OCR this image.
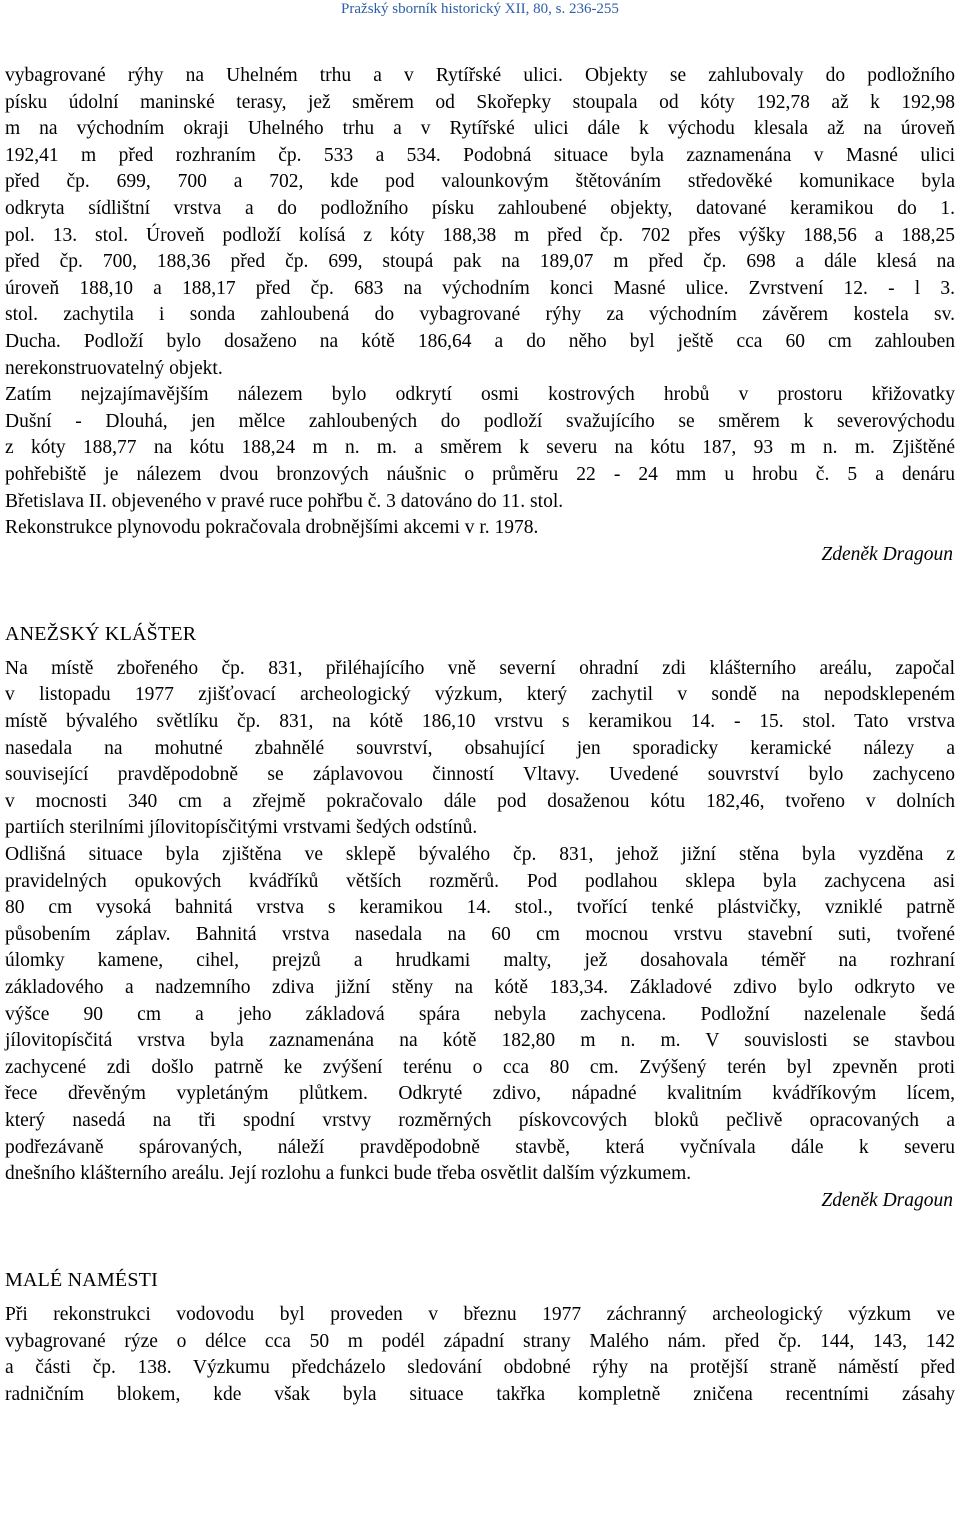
Pražský sborník historický XII, 80, s. 236-255
vybagrované rýhy na Uhelném trhu a v Rytířské ulici. Objekty se zahlubovaly do podložního
písku údolní maninské terasy, jež směrem od Skořepky stoupala od kóty 192,78 až k 192,98
m na východním okraji Uhelného trhu a v Rytířské ulici dále k východu klesala až na úroveň
192,41 m před rozhraním čp. 533 a 534. Podobná situace byla zaznamenána v Masné ulici
před čp. 699, 700 a 702, kde pod valounkovým štětováním středověké komunikace byla
odkryta sídlištní vrstva a do podložního písku zahloubené objekty, datované keramikou do 1.
pol. 13. stol. Úroveň podloží kolísá z kóty 188,38 m před čp. 702 přes výšky 188,56 a 188,25
před čp. 700, 188,36 před čp. 699, stoupá pak na 189,07 m před čp. 698 a dále klesá na
úroveň 188,10 a 188,17 před čp. 683 na východním konci Masné ulice. Zvrstvení 12. - l 3.
stol. zachytila i sonda zahloubená do vybagrované rýhy za východním závěrem kostela sv.
Ducha. Podloží bylo dosaženo na kótě 186,64 a do něho byl ještě cca 60 cm zahlouben
nerekonstruovatelný objekt.
Zatím nejzajímavějším nálezem bylo odkrytí osmi kostrových hrobů v prostoru křižovatky
Dušní - Dlouhá, jen mělce zahloubených do podloží svažujícího se směrem k severovýchodu
z kóty 188,77 na kótu 188,24 m n. m. a směrem k severu na kótu 187, 93 m n. m. Zjištěné
pohřebiště je nálezem dvou bronzových náušnic o průměru 22 - 24 mm u hrobu č. 5 a denáru
Břetislava II. objeveného v pravé ruce pohřbu č. 3 datováno do 11. stol.
Rekonstrukce plynovodu pokračovala drobnějšími akcemi v r. 1978.
Zdeněk Dragoun
ANEŽSKÝ KLÁŠTER
Na místě zbořeného čp. 831, přiléhajícího vně severní ohradní zdi klášterního areálu, započal
v listopadu 1977 zjišťovací archeologický výzkum, který zachytil v sondě na nepodsklepeném
místě bývalého světlíku čp. 831, na kótě 186,10 vrstvu s keramikou 14. - 15. stol. Tato vrstva
nasedala na mohutné zbahnělé souvrství, obsahující jen sporadicky keramické nálezy a
související pravděpodobně se záplavovou činností Vltavy. Uvedené souvrství bylo zachyceno
v mocnosti 340 cm a zřejmě pokračovalo dále pod dosaženou kótu 182,46, tvořeno v dolních
partiích sterilními jílovitopísčitými vrstvami šedých odstínů.
Odlišná situace byla zjištěna ve sklepě bývalého čp. 831, jehož jižní stěna byla vyzděna z
pravidelných opukových kvádříků větších rozměrů. Pod podlahou sklepa byla zachycena asi
80 cm vysoká bahnitá vrstva s keramikou 14. stol., tvořící tenké plástvičky, vzniklé patrně
působením záplav. Bahnitá vrstva nasedala na 60 cm mocnou vrstvu stavební suti, tvořené
úlomky kamene, cihel, prejzů a hrudkami malty, jež dosahovala téměř na rozhraní
základového a nadzemního zdiva jižní stěny na kótě 183,34. Základové zdivo bylo odkryto ve
výšce 90 cm a jeho základová spára nebyla zachycena. Podložní nazelenale šedá
jílovitopísčitá vrstva byla zaznamenána na kótě 182,80 m n. m. V souvislosti se stavbou
zachycené zdi došlo patrně ke zvýšení terénu o cca 80 cm. Zvýšený terén byl zpevněn proti
řece dřevěným vypletáným plůtkem. Odkryté zdivo, nápadné kvalitním kvádříkovým lícem,
který nasedá na tři spodní vrstvy rozměrných pískovcových bloků pečlivě opracovaných a
podřezávaně spárovaných, náleží pravděpodobně stavbě, která vyčnívala dále k severu
dnešního klášterního areálu. Její rozlohu a funkci bude třeba osvětlit dalším výzkumem.
Zdeněk Dragoun
MALÉ NAMÉSTI
Při rekonstrukci vodovodu byl proveden v březnu 1977 záchranný archeologický výzkum ve
vybagrované rýze o délce cca 50 m podél západní strany Malého nám. před čp. 144, 143, 142
a části čp. 138. Výzkumu předcházelo sledování obdobné rýhy na protější straně náměstí před
radničním blokem, kde však byla situace takřka kompletně zničena recentními zásahy
